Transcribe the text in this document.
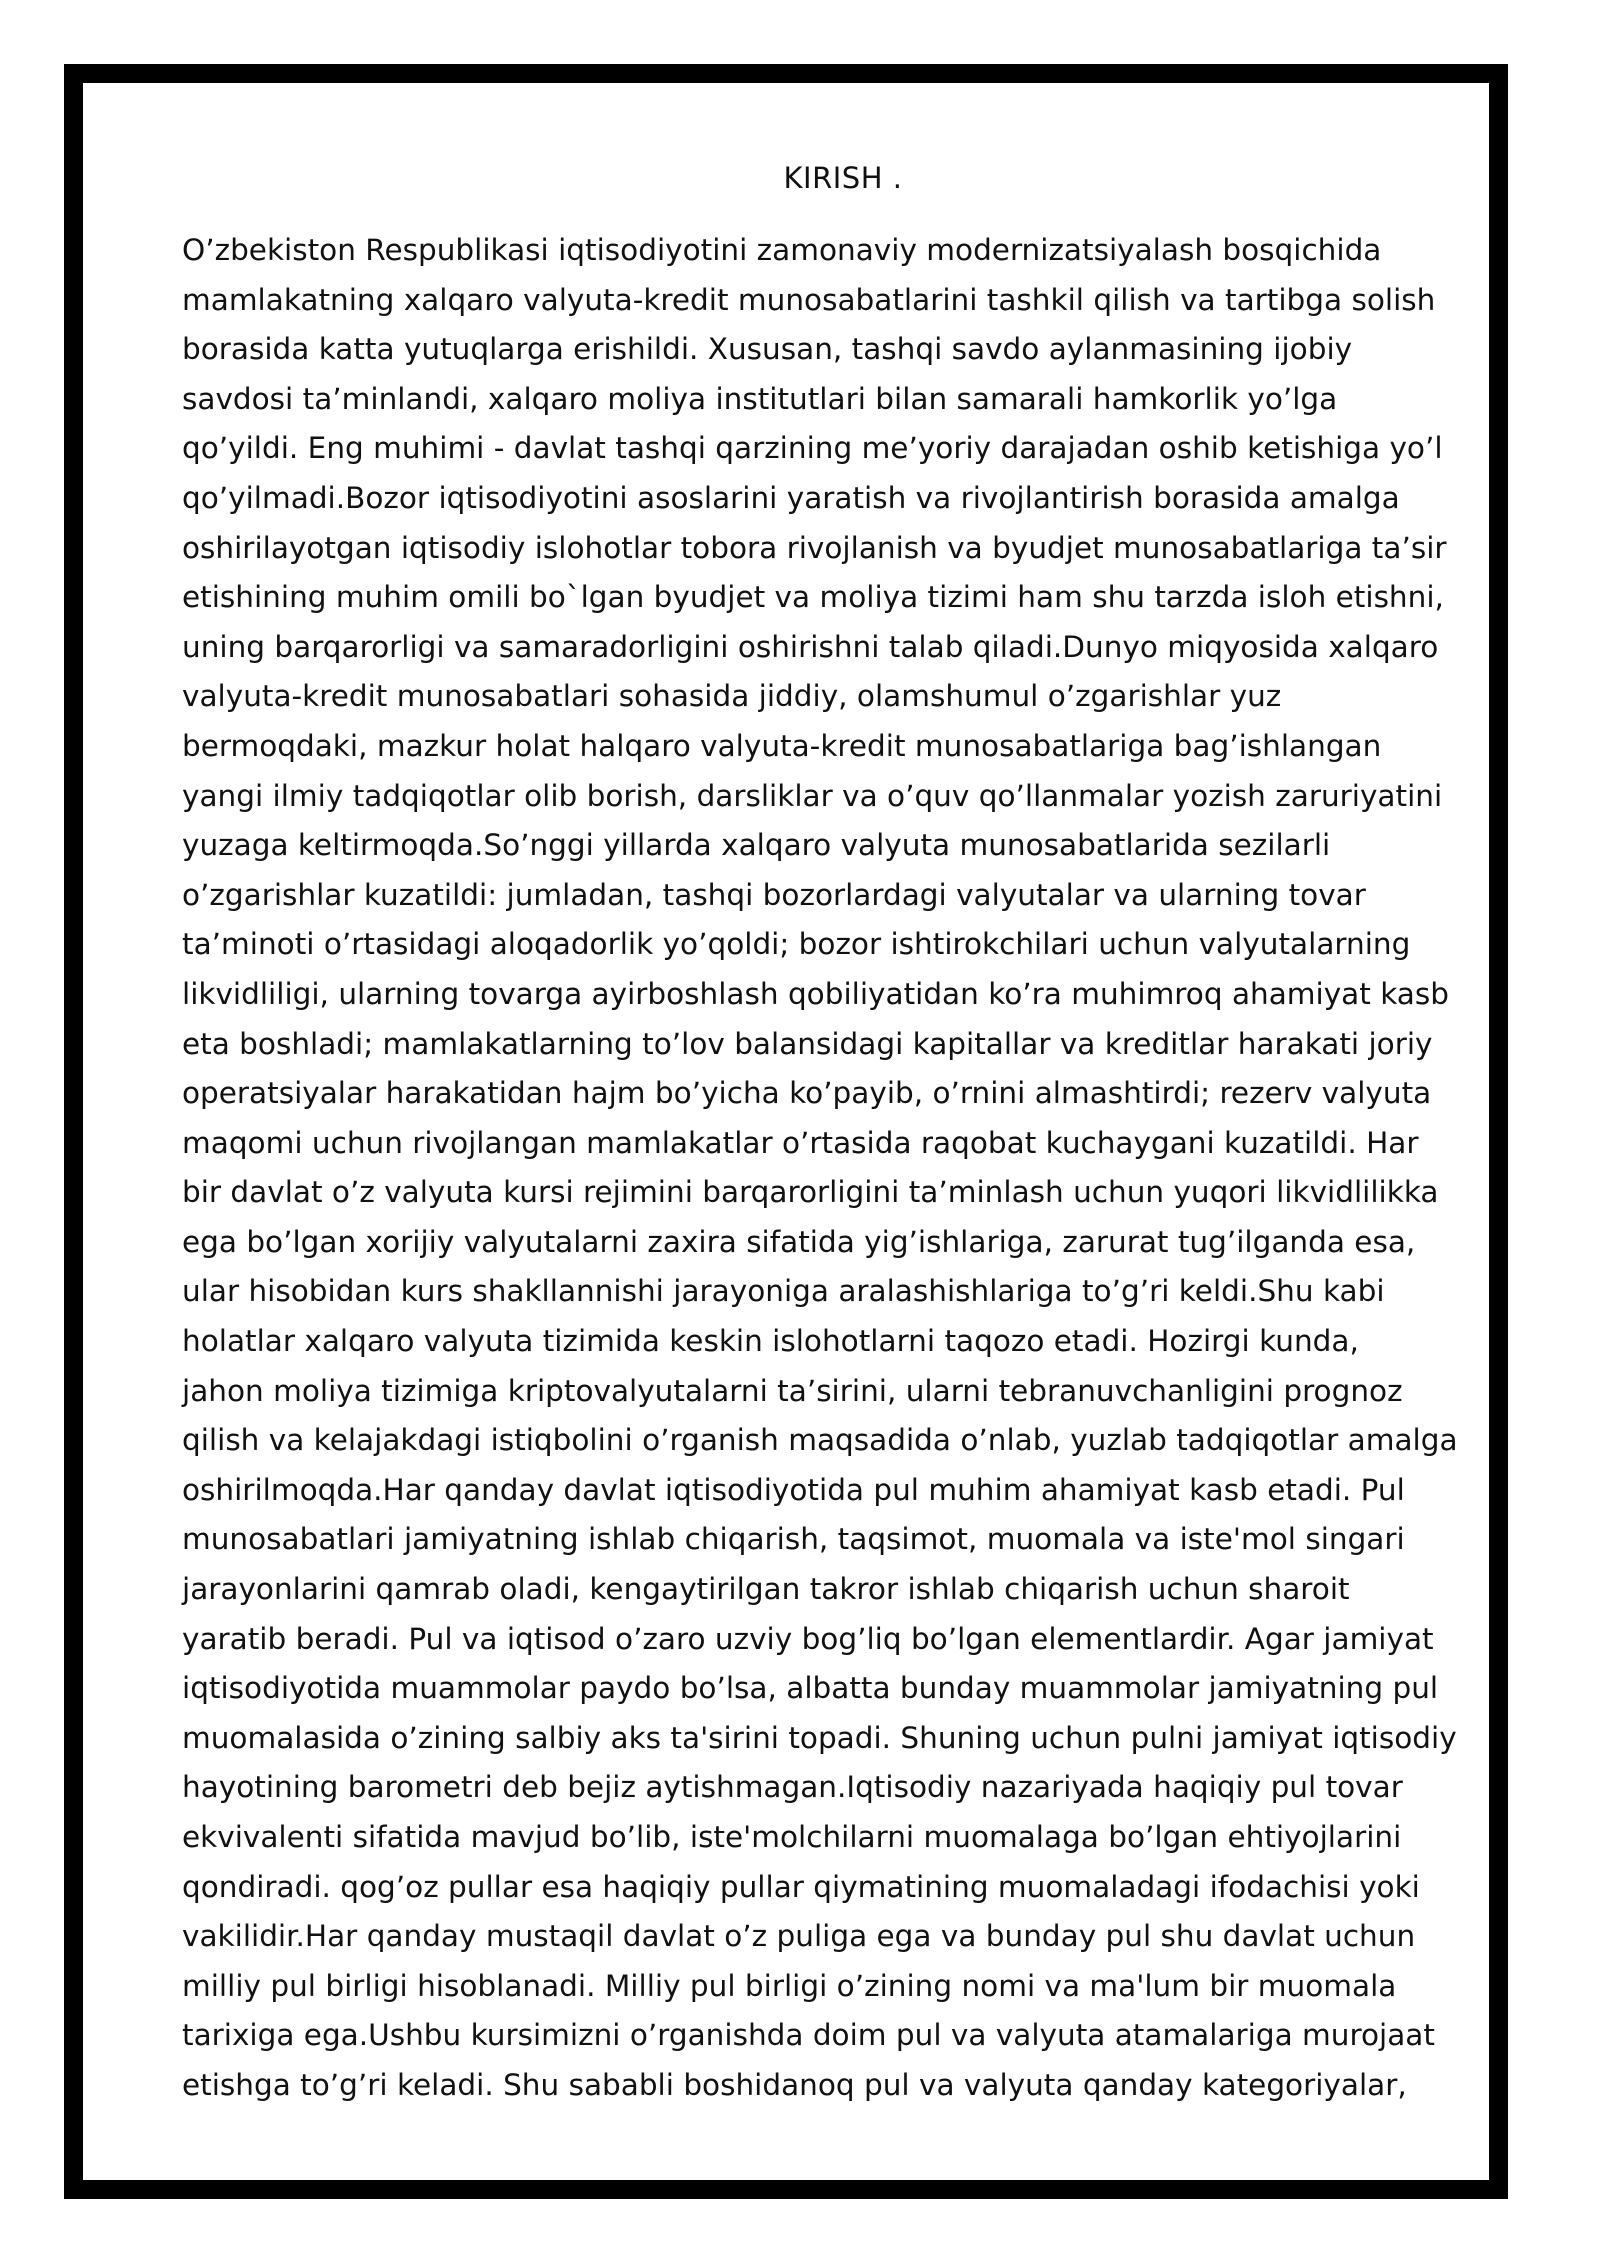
KIRISH .
O’zbekiston Respublikasi iqtisodiyotini zamonaviy modernizatsiyalash bosqichida
mamlakatning xalqaro valyuta-kredit munosabatlarini tashkil qilish va tartibga solish
borasida katta yutuqlarga erishildi. Xususan, tashqi savdo aylanmasining ijobiy
savdosi ta’minlandi, xalqaro moliya institutlari bilan samarali hamkorlik yo’lga
qo’yildi. Eng muhimi - davlat tashqi qarzining me’yoriy darajadan oshib ketishiga yo’l
qo’yilmadi.Bozor iqtisodiyotini asoslarini yaratish va rivojlantirish borasida amalga
oshirilayotgan iqtisodiy islohotlar tobora rivojlanish va byudjet munosabatlariga ta’sir
etishining muhim omili bo`lgan byudjet va moliya tizimi ham shu tarzda isloh etishni,
uning barqarorligi va samaradorligini oshirishni talab qiladi.Dunyo miqyosida xalqaro
valyuta-kredit munosabatlari sohasida jiddiy, olamshumul o’zgarishlar yuz
bermoqdaki, mazkur holat halqaro valyuta-kredit munosabatlariga bag’ishlangan
yangi ilmiy tadqiqotlar olib borish, darsliklar va o’quv qo’llanmalar yozish zaruriyatini
yuzaga keltirmoqda.So’nggi yillarda xalqaro valyuta munosabatlarida sezilarli
o’zgarishlar kuzatildi: jumladan, tashqi bozorlardagi valyutalar va ularning tovar
ta’minoti o’rtasidagi aloqadorlik yo’qoldi; bozor ishtirokchilari uchun valyutalarning
likvidliligi, ularning tovarga ayirboshlash qobiliyatidan ko’ra muhimroq ahamiyat kasb
eta boshladi; mamlakatlarning to’lov balansidagi kapitallar va kreditlar harakati joriy
operatsiyalar harakatidan hajm bo’yicha ko’payib, o’rnini almashtirdi; rezerv valyuta
maqomi uchun rivojlangan mamlakatlar o’rtasida raqobat kuchaygani kuzatildi. Har
bir davlat o’z valyuta kursi rejimini barqarorligini ta’minlash uchun yuqori likvidlilikka
ega bo’lgan xorijiy valyutalarni zaxira sifatida yig’ishlariga, zarurat tug’ilganda esa,
ular hisobidan kurs shakllannishi jarayoniga aralashishlariga to’g’ri keldi.Shu kabi
holatlar xalqaro valyuta tizimida keskin islohotlarni taqozo etadi. Hozirgi kunda,
jahon moliya tizimiga kriptovalyutalarni ta’sirini, ularni tebranuvchanligini prognoz
qilish va kelajakdagi istiqbolini o’rganish maqsadida o’nlab, yuzlab tadqiqotlar amalga
oshirilmoqda.Har qanday davlat iqtisodiyotida pul muhim ahamiyat kasb etadi. Pul
munosabatlari jamiyatning ishlab chiqarish, taqsimot, muomala va iste'mol singari
jarayonlarini qamrab oladi, kengaytirilgan takror ishlab chiqarish uchun sharoit
yaratib beradi. Pul va iqtisod o’zaro uzviy bog’liq bo’lgan elementlardir. Agar jamiyat
iqtisodiyotida muammolar paydo bo’lsa, albatta bunday muammolar jamiyatning pul
muomalasida o’zining salbiy aks ta'sirini topadi. Shuning uchun pulni jamiyat iqtisodiy
hayotining barometri deb bejiz aytishmagan.Iqtisodiy nazariyada haqiqiy pul tovar
ekvivalenti sifatida mavjud bo’lib, iste'molchilarni muomalaga bo’lgan ehtiyojlarini
qondiradi. qog’oz pullar esa haqiqiy pullar qiymatining muomaladagi ifodachisi yoki
vakilidir.Har qanday mustaqil davlat o’z puliga ega va bunday pul shu davlat uchun
milliy pul birligi hisoblanadi. Milliy pul birligi o’zining nomi va ma'lum bir muomala
tarixiga ega.Ushbu kursimizni o’rganishda doim pul va valyuta atamalariga murojaat
etishga to’g’ri keladi. Shu sababli boshidanoq pul va valyuta qanday kategoriyalar,
